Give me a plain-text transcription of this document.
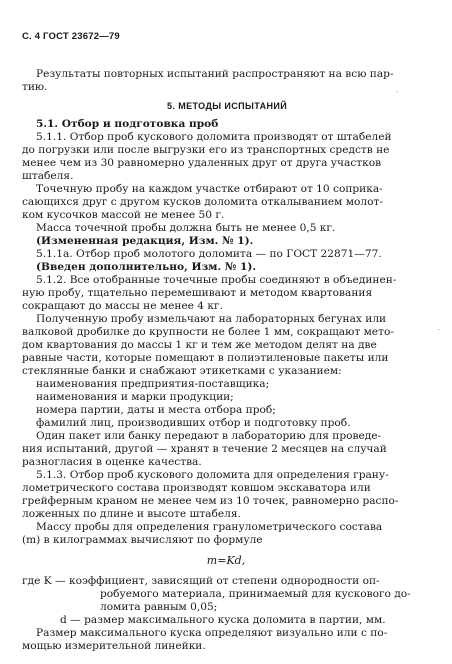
С. 4 ГОСТ 23672—79
Результаты повторных испытаний распространяют на всю пар-
тию.
5. МЕТОДЫ ИСПЫТАНИЙ
5.1. Отбор и подготовка проб
5.1.1. Отбор проб кускового доломита производят от штабелей
до погрузки или после выгрузки его из транспортных средств не
менее чем из 30 равномерно удаленных друг от друга участков
штабеля.
Точечную пробу на каждом участке отбирают от 10 соприка-
сающихся друг с другом кусков доломита откалыванием молот-
ком кусочков массой не менее 50 г.
Масса точечной пробы должна быть не менее 0,5 кг.
(Измененная редакция, Изм. № 1).
5.1.1а. Отбор проб молотого доломита — по ГОСТ 22871—77.
(Введен дополнительно, Изм. № 1).
5.1.2. Все отобранные точечные пробы соединяют в объединен-
ную пробу, тщательно перемешивают и методом квартования
сокращают до массы не менее 4 кг.
Полученную пробу измельчают на лабораторных бегунах или
валковой дробилке до крупности не более 1 мм, сокращают мето-
дом квартования до массы 1 кг и тем же методом делят на две
равные части, которые помещают в полиэтиленовые пакеты или
стеклянные банки и снабжают этикетками с указанием:
наименования предприятия-поставщика;
наименования и марки продукции;
номера партии, даты и места отбора проб;
фамилий лиц, производивших отбор и подготовку проб.
Один пакет или банку передают в лабораторию для проведе-
ния испытаний, другой — хранят в течение 2 месяцев на случай
разногласия в оценке качества.
5.1.3. Отбор проб кускового доломита для определения грану-
лометрического состава производят ковшом экскаватора или
грейферным краном не менее чем из 10 точек, равномерно распо-
ложенных по длине и высоте штабеля.
Массу пробы для определения гранулометрического состава
(m) в килограммах вычисляют по формуле
m=Kd,
где K — коэффициент, зависящий от степени однородности оп-
робуемого материала, принимаемый для кускового до-
ломита равным 0,05;
d — размер максимального куска доломита в партии, мм.
Размер максимального куска определяют визуально или с по-
мощью измерительной линейки.
·
·
